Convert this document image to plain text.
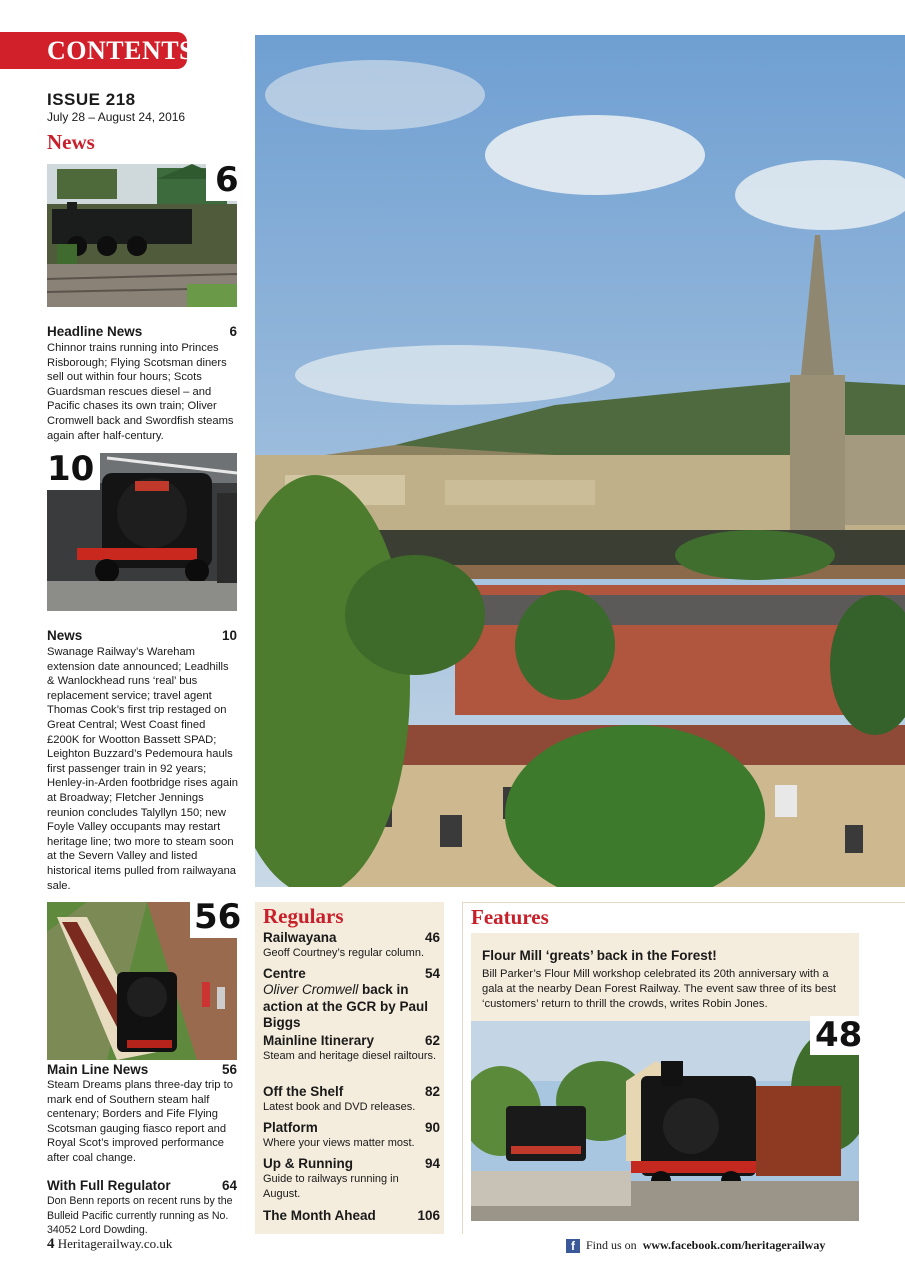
CONTENTS
ISSUE 218
July 28 – August 24, 2016
News
6
Headline News	6
Chinnor trains running into Princes Risborough; Flying Scotsman diners sell out within four hours; Scots Guardsman rescues diesel – and Pacific chases its own train; Oliver Cromwell back and Swordfish steams again after half-century.
10
News	10
Swanage Railway’s Wareham extension date announced; Leadhills & Wanlockhead runs ‘real’ bus replacement service; travel agent Thomas Cook’s first trip restaged on Great Central; West Coast fined £200K for Wootton Bassett SPAD; Leighton Buzzard’s Pedemoura hauls first passenger train in 92 years; Henley-in-Arden footbridge rises again at Broadway; Fletcher Jennings reunion concludes Talyllyn 150; new Foyle Valley occupants may restart heritage line; two more to steam soon at the Severn Valley and listed historical items pulled from railwayana sale.
56
Main Line News	56
Steam Dreams plans three-day trip to mark end of Southern steam half centenary; Borders and Fife Flying Scotsman gauging fiasco report and Royal Scot’s improved performance after coal change.
With Full Regulator	64
Don Benn reports on recent runs by the Bulleid Pacific currently running as No. 34052 Lord Dowding.
Regulars
Railwayana	46
Geoff Courtney’s regular column.
Centre	54
Oliver Cromwell back in action at the GCR by Paul Biggs
Mainline Itinerary	62
Steam and heritage diesel railtours.
Off the Shelf	82
Latest book and DVD releases.
Platform	90
Where your views matter most.
Up & Running	94
Guide to railways running in August.
The Month Ahead	106
Features
Flour Mill ‘greats’ back in the Forest!
Bill Parker’s Flour Mill workshop celebrated its 20th anniversary with a gala at the nearby Dean Forest Railway. The event saw three of its best ‘customers’ return to thrill the crowds, writes Robin Jones.
48
4 Heritagerailway.co.uk	f Find us on www.facebook.com/heritagerailway
